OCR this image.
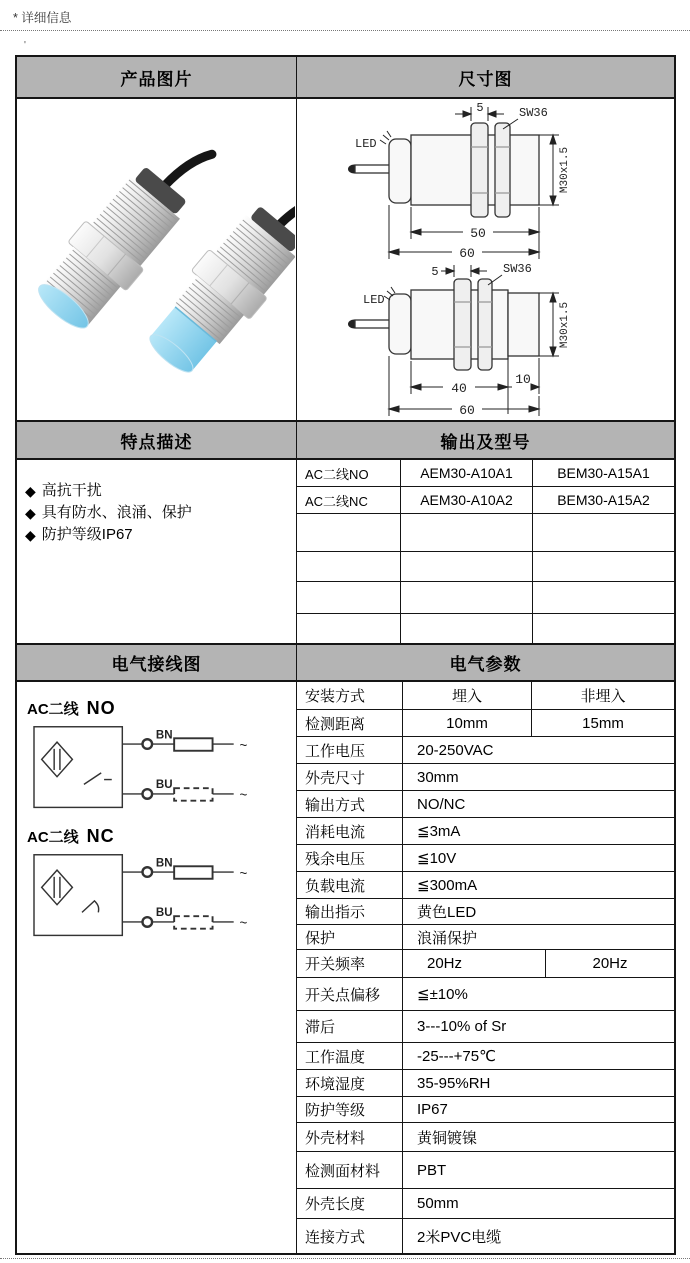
* 详细信息
'
产品图片	尺寸图
5	SW36
LED
M30x1.5
50
60
5	SW36
LED
M30x1.5
40
10
60
特点描述	输出及型号
◆ 高抗干扰
◆ 具有防水、浪涌、保护
◆ 防护等级IP67
AC二线NO	AEM30-A10A1	BEM30-A15A1
AC二线NC	AEM30-A10A2	BEM30-A15A2
电气接线图	电气参数
AC二线 NO
BN
BU
~
~
AC二线 NC
BN
BU
~
~
安装方式	埋入	非埋入
检测距离	10mm	15mm
工作电压	20-250VAC
外壳尺寸	30mm
输出方式	NO/NC
消耗电流	≦3mA
残余电压	≦10V
负载电流	≦300mA
输出指示	黄色LED
保护	浪涌保护
开关频率	20Hz	20Hz
开关点偏移	≦±10%
滞后	3---10% of Sr
工作温度	-25---+75℃
环境湿度	35-95%RH
防护等级	IP67
外壳材料	黄铜镀镍
检测面材料	PBT
外壳长度	50mm
连接方式	2米PVC电缆
